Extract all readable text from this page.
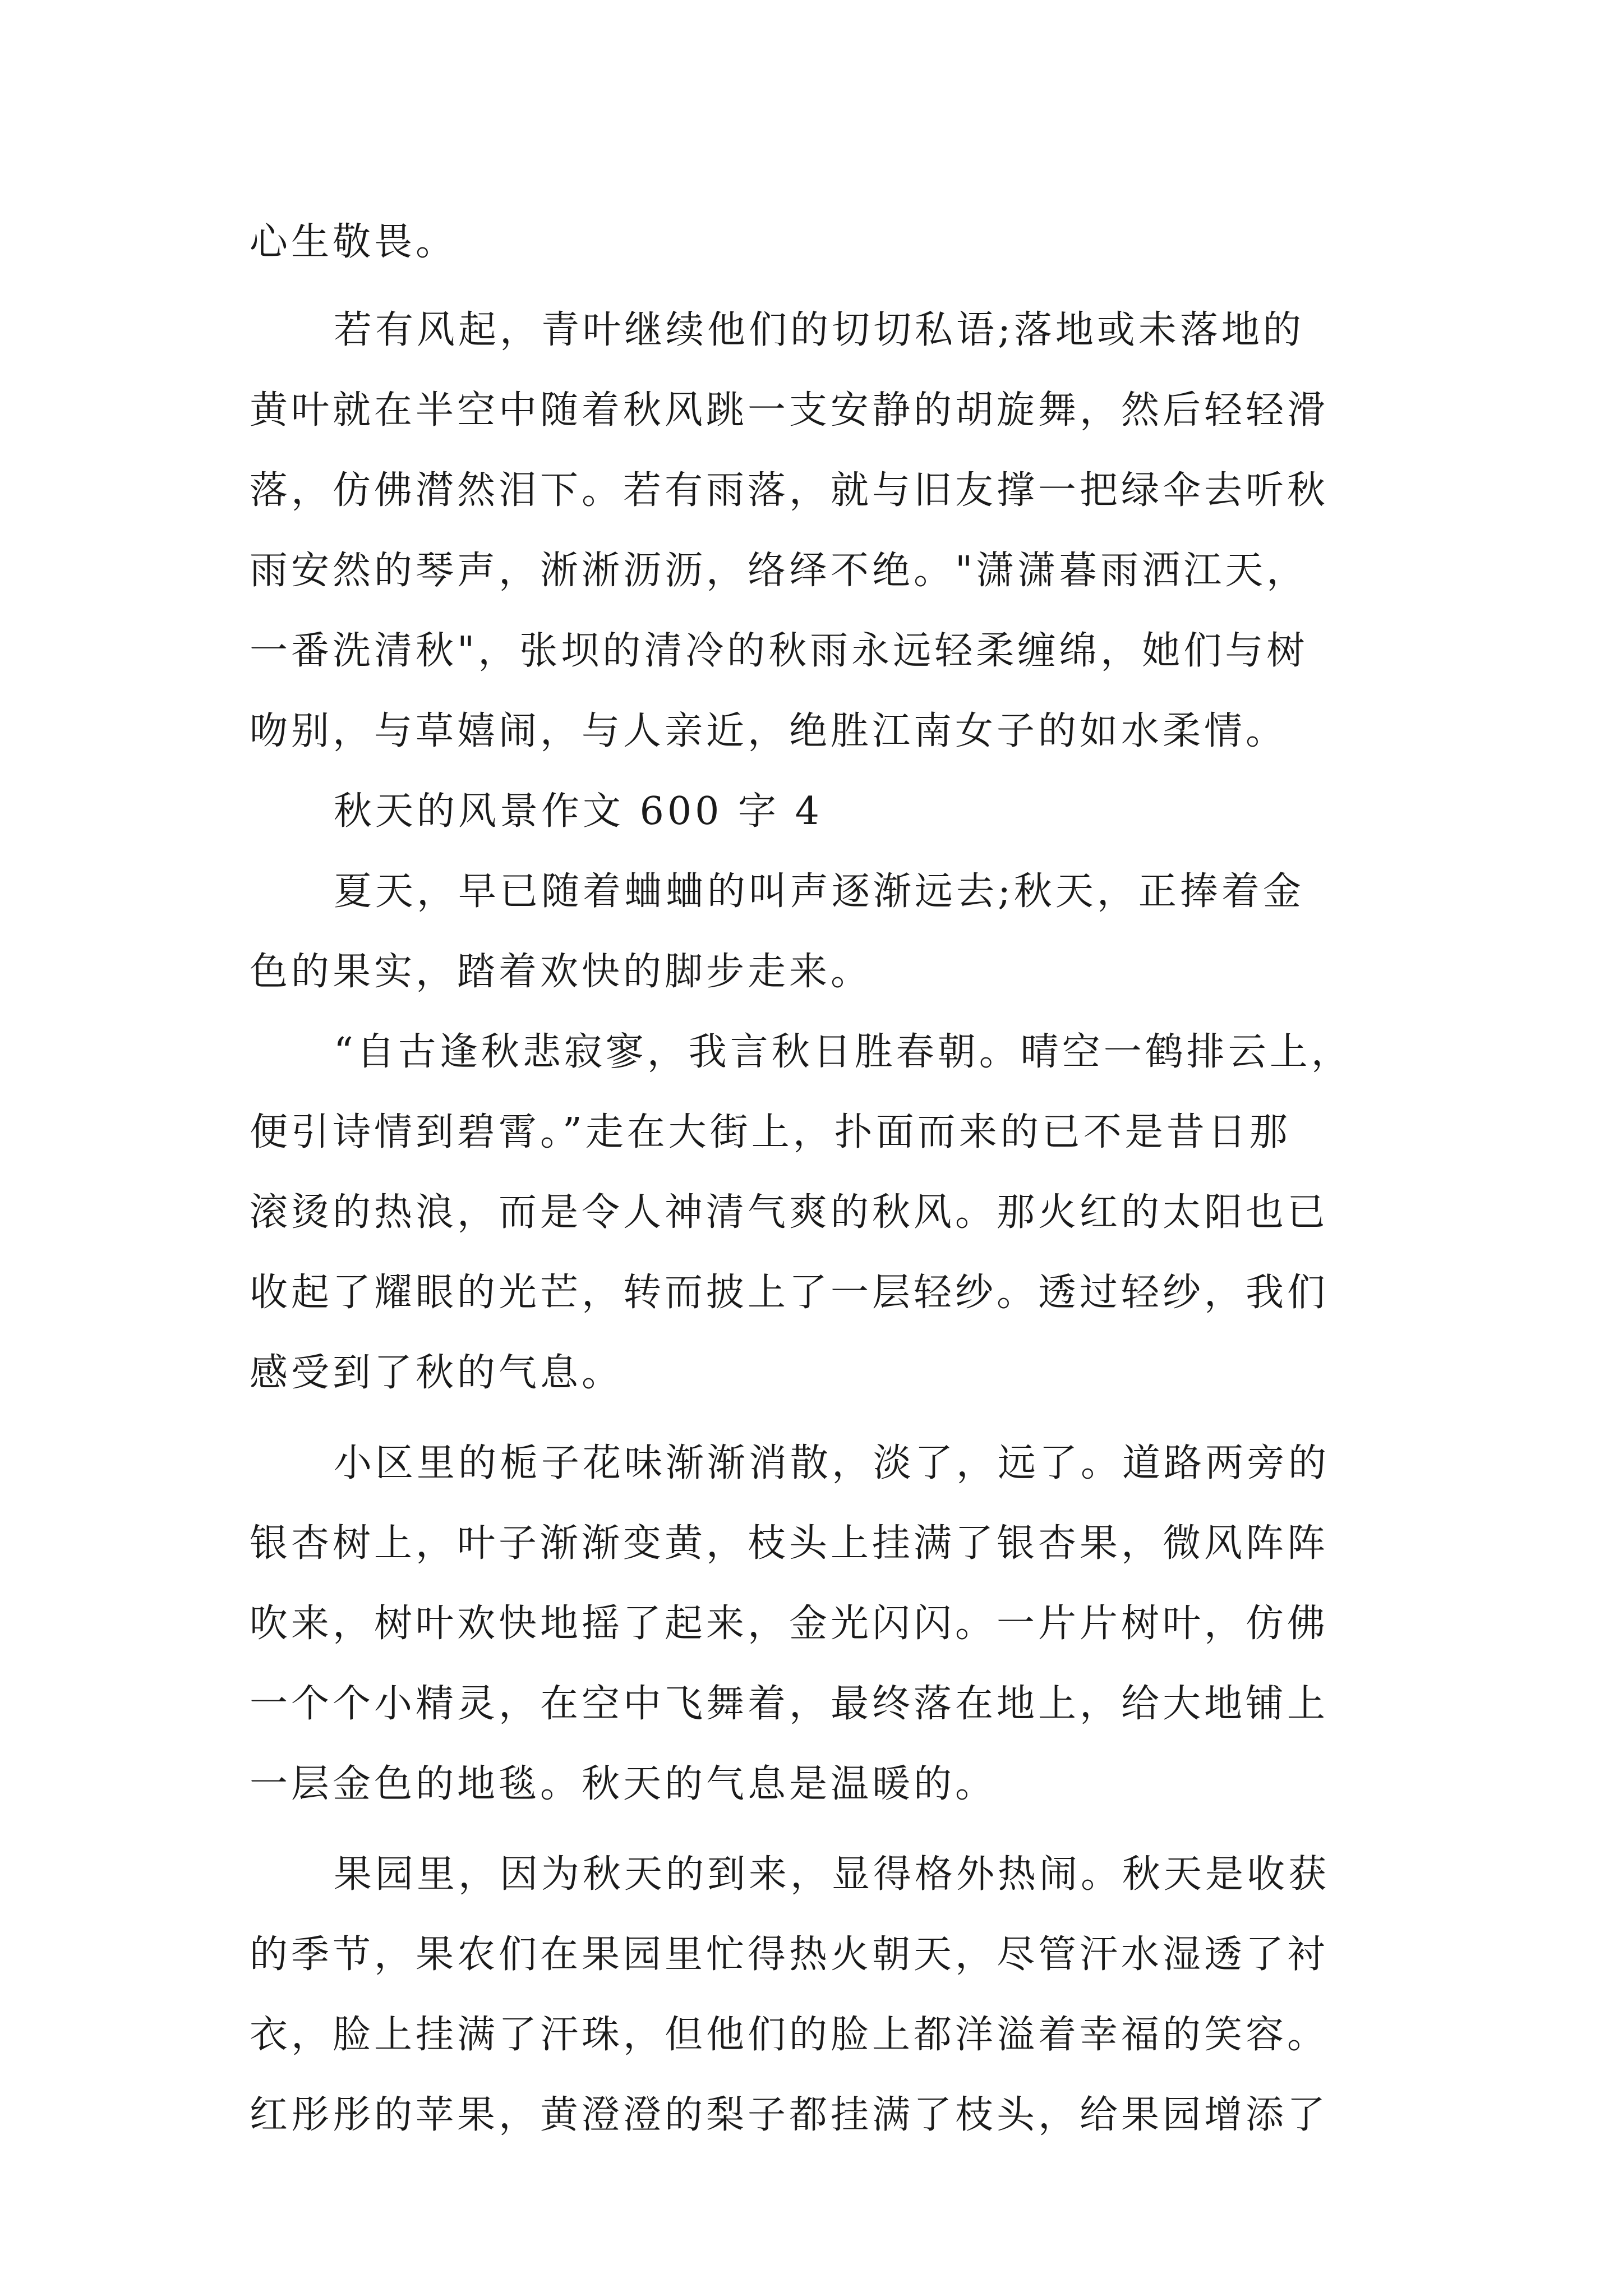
心生敬畏。
若有风起，青叶继续他们的切切私语;落地或未落地的
黄叶就在半空中随着秋风跳一支安静的胡旋舞，然后轻轻滑
落，仿佛潸然泪下。若有雨落，就与旧友撑一把绿伞去听秋
雨安然的琴声，淅淅沥沥，络绎不绝。"潇潇暮雨洒江天，
一番洗清秋"，张坝的清冷的秋雨永远轻柔缠绵，她们与树
吻别，与草嬉闹，与人亲近，绝胜江南女子的如水柔情。
秋天的风景作文 600 字 4
夏天，早已随着蛐蛐的叫声逐渐远去;秋天，正捧着金
色的果实，踏着欢快的脚步走来。
“自古逢秋悲寂寥，我言秋日胜春朝。晴空一鹤排云上，
便引诗情到碧霄。”走在大街上，扑面而来的已不是昔日那
滚烫的热浪，而是令人神清气爽的秋风。那火红的太阳也已
收起了耀眼的光芒，转而披上了一层轻纱。透过轻纱，我们
感受到了秋的气息。
小区里的栀子花味渐渐消散，淡了，远了。道路两旁的
银杏树上，叶子渐渐变黄，枝头上挂满了银杏果，微风阵阵
吹来，树叶欢快地摇了起来，金光闪闪。一片片树叶，仿佛
一个个小精灵，在空中飞舞着，最终落在地上，给大地铺上
一层金色的地毯。秋天的气息是温暖的。
果园里，因为秋天的到来，显得格外热闹。秋天是收获
的季节，果农们在果园里忙得热火朝天，尽管汗水湿透了衬
衣，脸上挂满了汗珠，但他们的脸上都洋溢着幸福的笑容。
红彤彤的苹果，黄澄澄的梨子都挂满了枝头，给果园增添了
